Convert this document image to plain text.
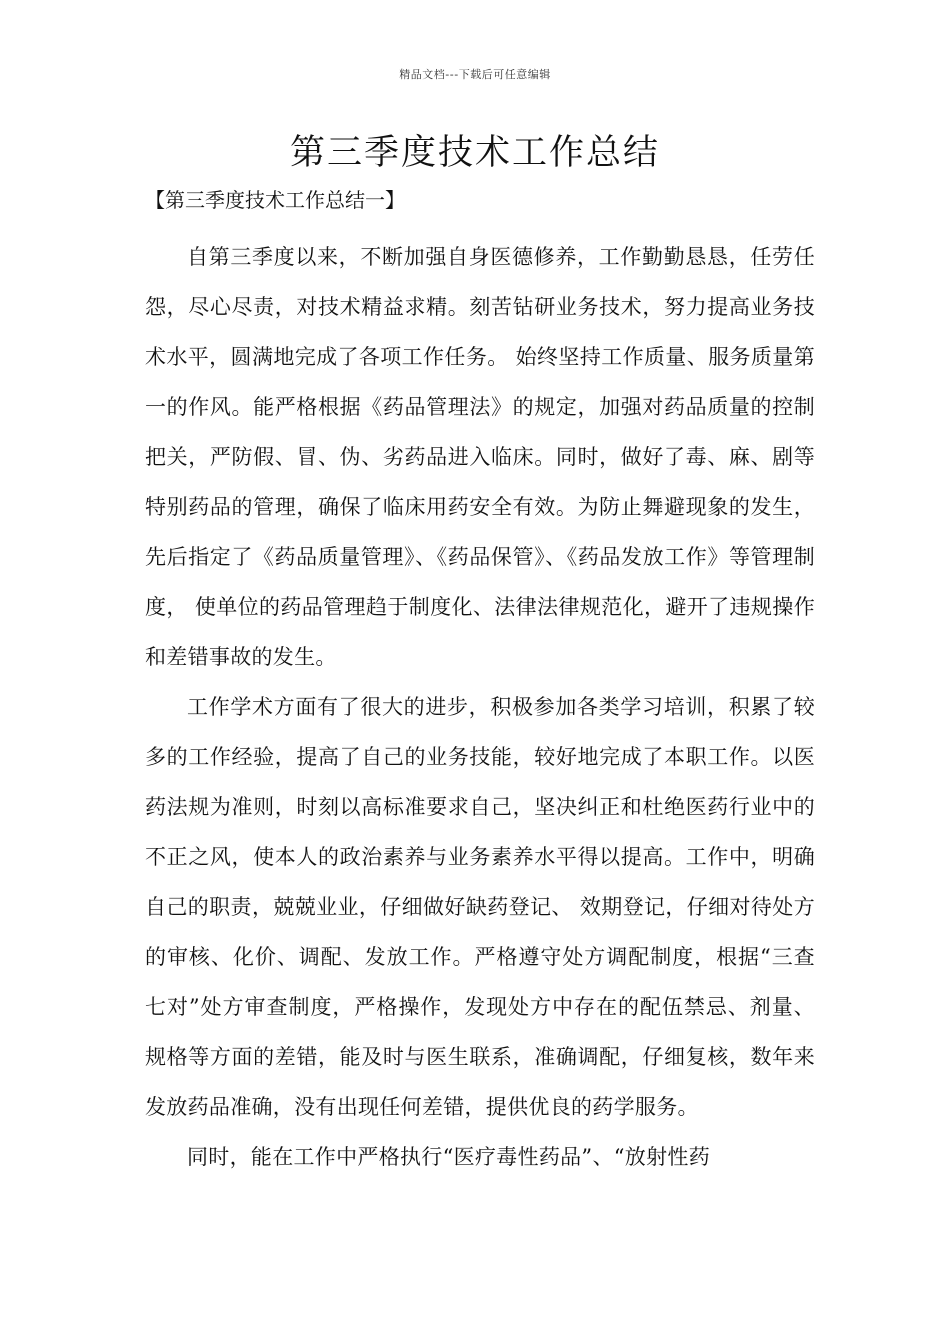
精品文档---下载后可任意编辑
第三季度技术工作总结
【第三季度技术工作总结一】

自第三季度以来，不断加强自身医德修养，工作勤勤恳恳，任劳任怨，尽心尽责，对技术精益求精。刻苦钻研业务技术，努力提高业务技术水平，圆满地完成了各项工作任务。 始终坚持工作质量、服务质量第一的作风。能严格根据《药品管理法》的规定，加强对药品质量的控制把关，严防假、冒、伪、劣药品进入临床。同时，做好了毒、麻、剧等特别药品的管理，确保了临床用药安全有效。为防止舞避现象的发生，先后指定了《药品质量管理》、《药品保管》、《药品发放工作》等管理制度， 使单位的药品管理趋于制度化、法律法律规范化，避开了违规操作和差错事故的发生。

工作学术方面有了很大的进步，积极参加各类学习培训，积累了较多的工作经验，提高了自己的业务技能，较好地完成了本职工作。以医药法规为准则，时刻以高标准要求自己，坚决纠正和杜绝医药行业中的不正之风，使本人的政治素养与业务素养水平得以提高。工作中，明确自己的职责，兢兢业业，仔细做好缺药登记、 效期登记，仔细对待处方的审核、化价、调配、发放工作。严格遵守处方调配制度，根据“三查七对”处方审查制度，严格操作，发现处方中存在的配伍禁忌、剂量、规格等方面的差错，能及时与医生联系，准确调配，仔细复核，数年来发放药品准确，没有出现任何差错，提供优良的药学服务。

同时，能在工作中严格执行“医疗毒性药品”、“放射性药
